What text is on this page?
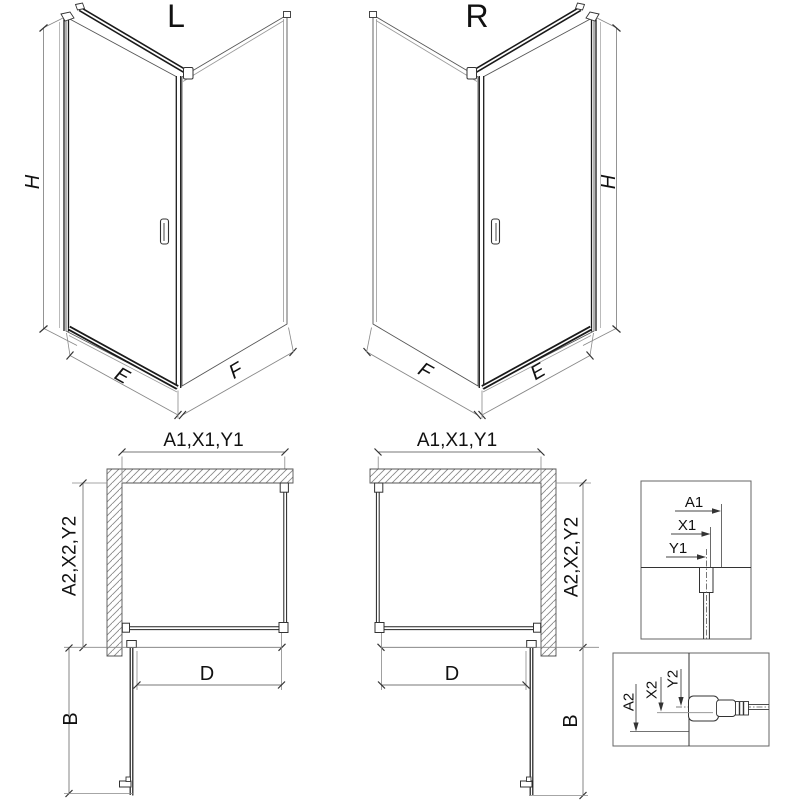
L
H
E	F
R
H
F	E
A1,X1,Y1
A2,X2,Y2
D
B
A1,X1,Y1
A2,X2,Y2
D
B
A1
X1
Y1
A2
X2
Y2
